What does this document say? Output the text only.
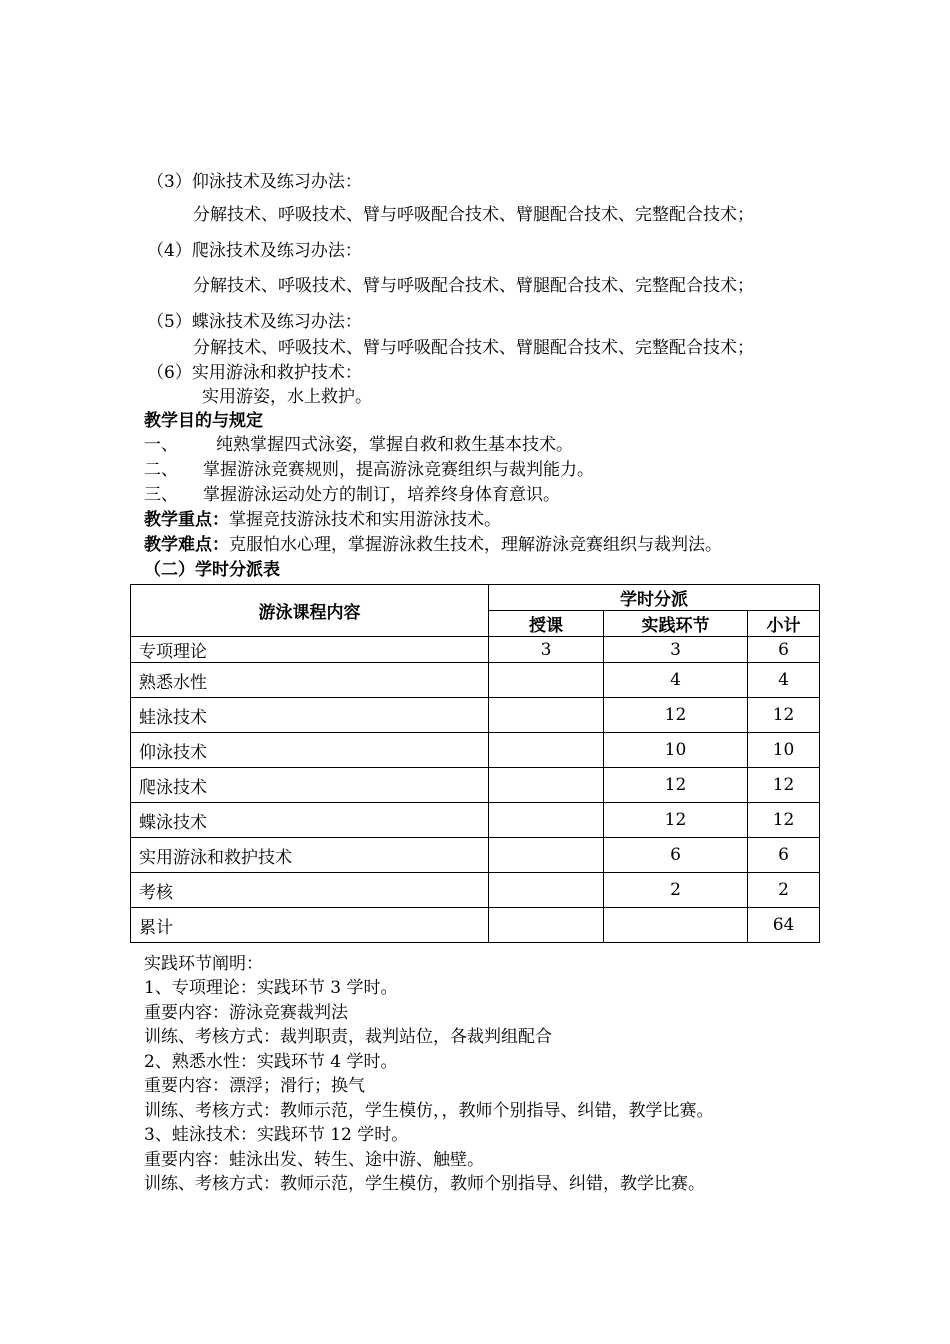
（3）仰泳技术及练习办法：
分解技术、呼吸技术、臂与呼吸配合技术、臂腿配合技术、完整配合技术；
（4）爬泳技术及练习办法：
分解技术、呼吸技术、臂与呼吸配合技术、臂腿配合技术、完整配合技术；
（5）蝶泳技术及练习办法：
分解技术、呼吸技术、臂与呼吸配合技术、臂腿配合技术、完整配合技术；
（6）实用游泳和救护技术：
实用游姿，水上救护。
教学目的与规定
一、 纯熟掌握四式泳姿，掌握自救和救生基本技术。
二、 掌握游泳竞赛规则，提高游泳竞赛组织与裁判能力。
三、 掌握游泳运动处方的制订，培养终身体育意识。
教学重点：掌握竞技游泳技术和实用游泳技术。
教学难点：克服怕水心理，掌握游泳救生技术，理解游泳竞赛组织与裁判法。
（二）学时分派表
游泳课程内容	学时分派		
	授课	实践环节	小计
专项理论	3	3	6
熟悉水性		4	4
蛙泳技术		12	12
仰泳技术		10	10
爬泳技术		12	12
蝶泳技术		12	12
实用游泳和救护技术		6	6
考核		2	2
累计			64
实践环节阐明：
1、专项理论：实践环节 3 学时。
重要内容：游泳竞赛裁判法
训练、考核方式：裁判职责，裁判站位，各裁判组配合
2、熟悉水性：实践环节 4 学时。
重要内容：漂浮；滑行；换气
训练、考核方式：教师示范，学生模仿，，教师个别指导、纠错，教学比赛。
3、蛙泳技术：实践环节 12 学时。
重要内容：蛙泳出发、转生、途中游、触壁。
训练、考核方式：教师示范，学生模仿，教师个别指导、纠错，教学比赛。
